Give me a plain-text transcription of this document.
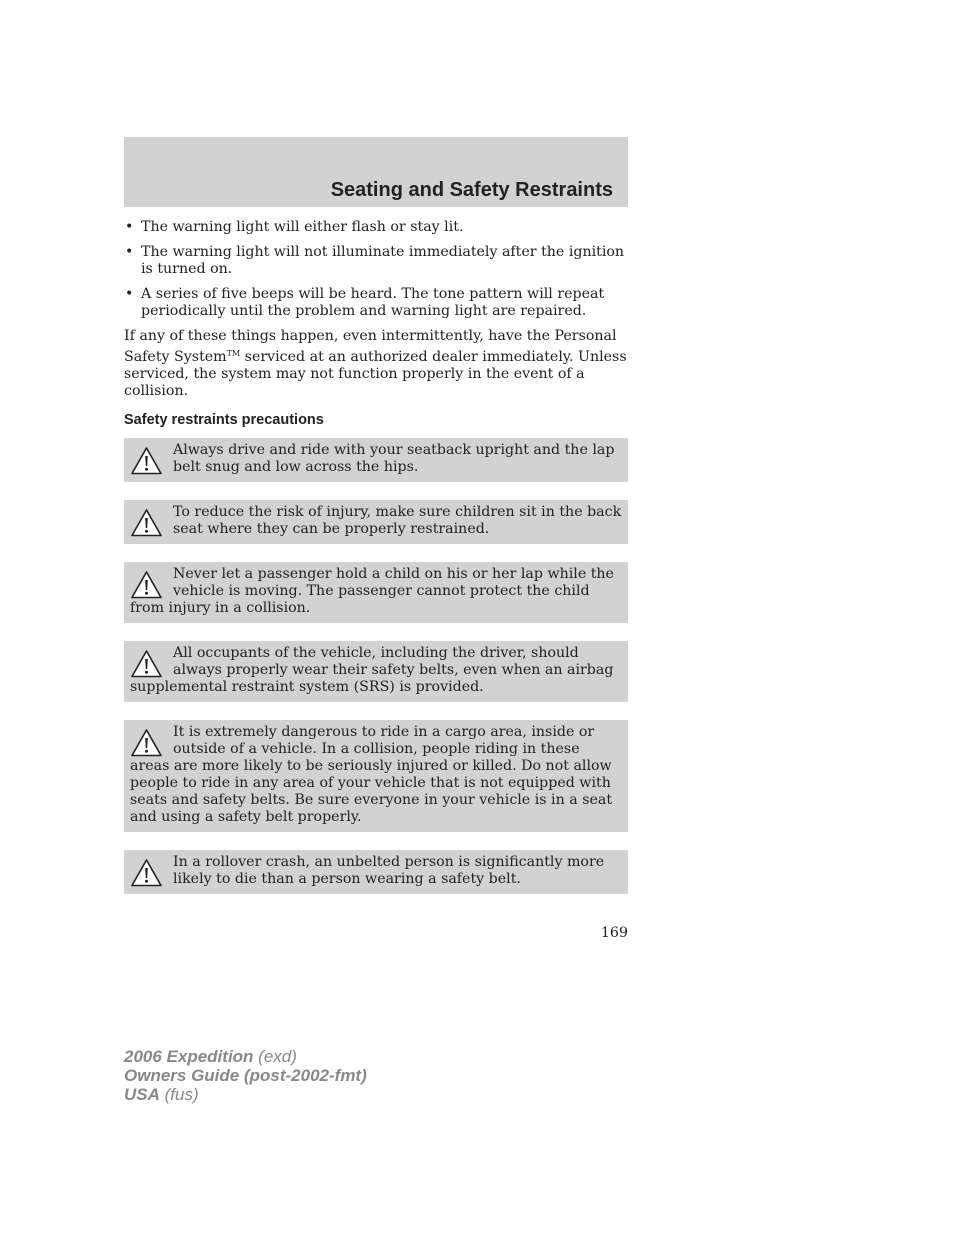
Seating and Safety Restraints
• The warning light will either flash or stay lit.
• The warning light will not illuminate immediately after the ignition is turned on.
• A series of five beeps will be heard. The tone pattern will repeat periodically until the problem and warning light are repaired.

If any of these things happen, even intermittently, have the Personal Safety System™ serviced at an authorized dealer immediately. Unless serviced, the system may not function properly in the event of a collision.

Safety restraints precautions
Always drive and ride with your seatback upright and the lap belt snug and low across the hips.
To reduce the risk of injury, make sure children sit in the back seat where they can be properly restrained.
Never let a passenger hold a child on his or her lap while the vehicle is moving. The passenger cannot protect the child from injury in a collision.
All occupants of the vehicle, including the driver, should always properly wear their safety belts, even when an airbag supplemental restraint system (SRS) is provided.
It is extremely dangerous to ride in a cargo area, inside or outside of a vehicle. In a collision, people riding in these areas are more likely to be seriously injured or killed. Do not allow people to ride in any area of your vehicle that is not equipped with seats and safety belts. Be sure everyone in your vehicle is in a seat and using a safety belt properly.
In a rollover crash, an unbelted person is significantly more likely to die than a person wearing a safety belt.
169
2006 Expedition (exd)
Owners Guide (post-2002-fmt)
USA (fus)
